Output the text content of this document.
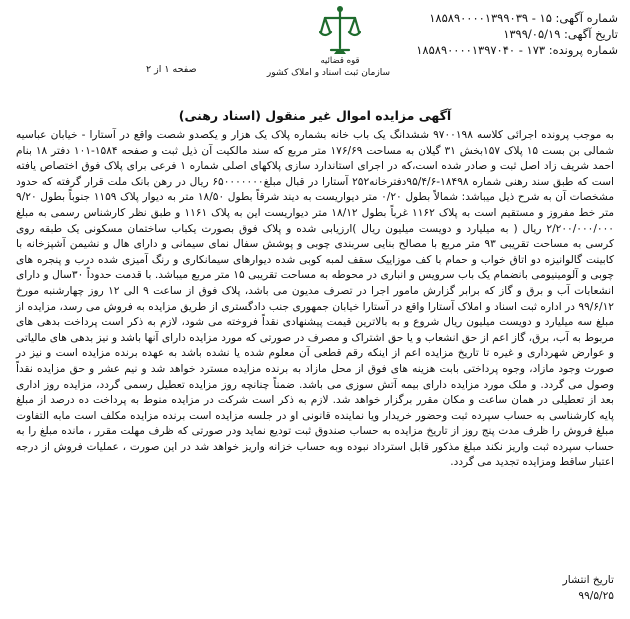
شماره آگهی: ۱۵ - ۱۸۵۸۹۰۰۰۰۱۳۹۹۰۳۹
تاریخ آگهی: ۱۳۹۹/۰۵/۱۹
شماره پرونده: ۱۷۳ - ۱۸۵۸۹۰۰۰۰۱۳۹۷۰۴۰
قوه قضائیه
سازمان ثبت اسناد و املاک کشور
صفحه ۱ از ۲
آگهی مزایده اموال غیر منقول (اسناد رهنی)

به موجب پرونده اجرائی کلاسه ۹۷۰۰۱۹۸ ششدانگ یک باب خانه بشماره پلاک یک هزار و یکصدو شصت واقع در آستارا - خیابان عباسیه شمالی بن بست ۱۵ پلاک ۱۵۷بخش ۳۱ گیلان به مساحت ۱۷۶/۶۹ متر مربع که سند مالکیت آن ذیل ثبت و صفحه ۱۵۸۴-۱۰۱ دفتر ۱۸ بنام احمد شریف زاد اصل ثبت و صادر شده است،که در اجرای استاندارد سازی پلاکهای اصلی شماره ۱ فرعی برای پلاک فوق اختصاص یافته است که طبق سند رهنی شماره ۱۸۴۹۸-۹۵/۴/۶دفترخانه۲۵۲ آستارا در قبال مبلغ۶۵۰۰۰۰۰۰۰ ریال در رهن بانک ملت قرار گرفته که حدود مشخصات آن به شرح ذیل میباشد: شمالاً بطول ۰/۲۰ متر دیواریست به دیند شرقاً بطول ۱۸/۵۰ متر به دیوار پلاک ۱۱۵۹ جنوباً بطول ۹/۲۰ متر خط مفروز و مستقیم است به پلاک ۱۱۶۲ غرباً بطول ۱۸/۱۲ متر دیواریست این به پلاک ۱۱۶۱ و طبق نظر کارشناس رسمی به مبلغ ۲/۲۰۰/۰۰۰/۰۰۰ ریال ( به میلیارد و دویست میلیون ریال )ارزیابی شده و پلاک فوق بصورت یکباب ساختمان مسکونی یک طبقه روی کرسی به مساحت تقریبی ۹۳ متر مربع با مصالح بنایی سربندی چوبی و پوشش سفال نمای سیمانی و دارای هال و نشیمن آشپزخانه با کابینت گالوانیزه دو اتاق خواب و حمام با کف موزاییک سقف لمبه کوبی شده دیوارهای سیمانکاری و رنگ آمیزی شده درب و پنجره های چوبی و آلومینیومی بانضمام یک باب سرویس و انباری در محوطه به مساحت تقریبی ۱۵ متر مربع میباشد. با قدمت حدوداً ۳۰سال و دارای انشعابات آب و برق و گاز که برابر گزارش مامور اجرا در تصرف مدیون می باشد، پلاک فوق از ساعت ۹ الی ۱۲ روز چهارشنبه مورخ ۹۹/۶/۱۲ در اداره ثبت اسناد و املاک آستارا واقع در آستارا خیابان جمهوری جنب دادگستری از طریق مزایده به فروش می رسد، مزایده از مبلغ سه میلیارد و دویست میلیون ریال شروع و به بالاترین قیمت پیشنهادی نقداً فروخته می شود، لازم به ذکر است پرداخت بدهی های مربوط به آب، برق، گاز اعم از حق انشعاب و یا حق اشتراک و مصرف در صورتی که مورد مزایده دارای آنها باشد و نیز بدهی های مالیاتی و عوارض شهرداری و غیره تا تاریخ مزایده اعم از اینکه رقم قطعی آن معلوم شده یا نشده باشد به عهده برنده مزایده است و نیز در صورت وجود مازاد، وجوه پرداختی بابت هزینه های فوق از محل مازاد به برنده مزایده مسترد خواهد شد و نیم عشر و حق مزایده نقداً وصول می گردد. و ملک مورد مزایده دارای بیمه آتش سوزی می باشد. ضمناً چنانچه روز مزایده تعطیل رسمی گردد، مزایده روز اداری بعد از تعطیلی در همان ساعت و مکان مقرر برگزار خواهد شد. لازم به ذکر است شرکت در مزایده منوط به پرداخت ده درصد از مبلغ پایه کارشناسی به حساب سپرده ثبت وحضور خریدار ویا نماینده قانونی او در جلسه مزایده است برنده مزایده مکلف است مابه التفاوت مبلغ فروش را ظرف مدت پنج روز از تاریخ مزایده به حساب صندوق ثبت تودیع نماید ودر صورتی که ظرف مهلت مقرر ، مانده مبلغ را به حساب سپرده ثبت واریز نکند مبلغ مذکور قابل استرداد نبوده وبه حساب خزانه واریز خواهد شد در این صورت ، عملیات فروش از درجه اعتبار ساقط ومزایده تجدید می گردد.

تاریخ انتشار
۹۹/۵/۲۵
